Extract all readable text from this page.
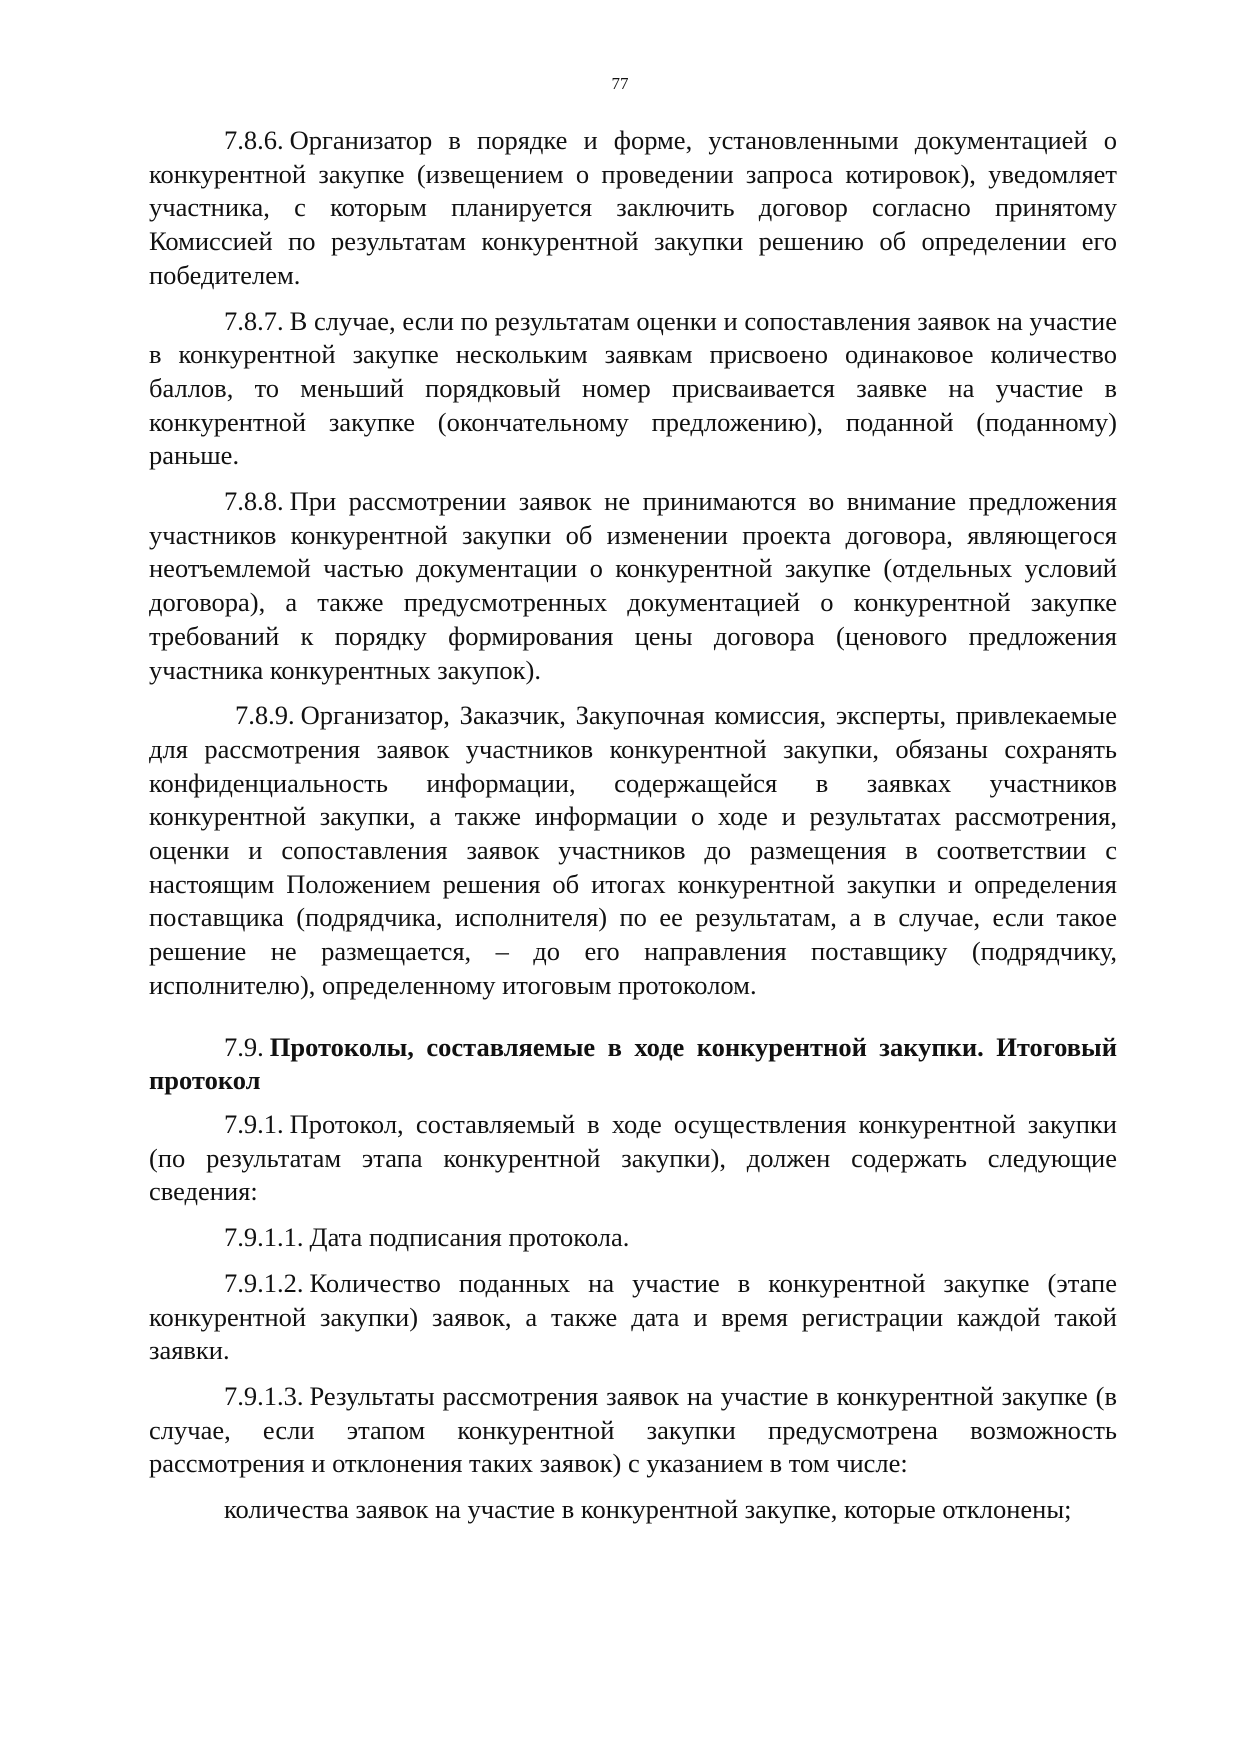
77

7.8.6. Организатор в порядке и форме, установленными документацией о конкурентной закупке (извещением о проведении запроса котировок), уведомляет участника, с которым планируется заключить договор согласно принятому Комиссией по результатам конкурентной закупки решению об определении его победителем.

7.8.7. В случае, если по результатам оценки и сопоставления заявок на участие в конкурентной закупке нескольким заявкам присвоено одинаковое количество баллов, то меньший порядковый номер присваивается заявке на участие в конкурентной закупке (окончательному предложению), поданной (поданному) раньше.

7.8.8. При рассмотрении заявок не принимаются во внимание предложения участников конкурентной закупки об изменении проекта договора, являющегося неотъемлемой частью документации о конкурентной закупке (отдельных условий договора), а также предусмотренных документацией о конкурентной закупке требований к порядку формирования цены договора (ценового предложения участника конкурентных закупок).

7.8.9. Организатор, Заказчик, Закупочная комиссия, эксперты, привлекаемые для рассмотрения заявок участников конкурентной закупки, обязаны сохранять конфиденциальность информации, содержащейся в заявках участников конкурентной закупки, а также информации о ходе и результатах рассмотрения, оценки и сопоставления заявок участников до размещения в соответствии с настоящим Положением решения об итогах конкурентной закупки и определения поставщика (подрядчика, исполнителя) по ее результатам, а в случае, если такое решение не размещается, – до его направления поставщику (подрядчику, исполнителю), определенному итоговым протоколом.

7.9. Протоколы, составляемые в ходе конкурентной закупки. Итоговый протокол

7.9.1. Протокол, составляемый в ходе осуществления конкурентной закупки (по результатам этапа конкурентной закупки), должен содержать следующие сведения:

7.9.1.1. Дата подписания протокола.

7.9.1.2. Количество поданных на участие в конкурентной закупке (этапе конкурентной закупки) заявок, а также дата и время регистрации каждой такой заявки.

7.9.1.3. Результаты рассмотрения заявок на участие в конкурентной закупке (в случае, если этапом конкурентной закупки предусмотрена возможность рассмотрения и отклонения таких заявок) с указанием в том числе:

количества заявок на участие в конкурентной закупке, которые отклонены;
